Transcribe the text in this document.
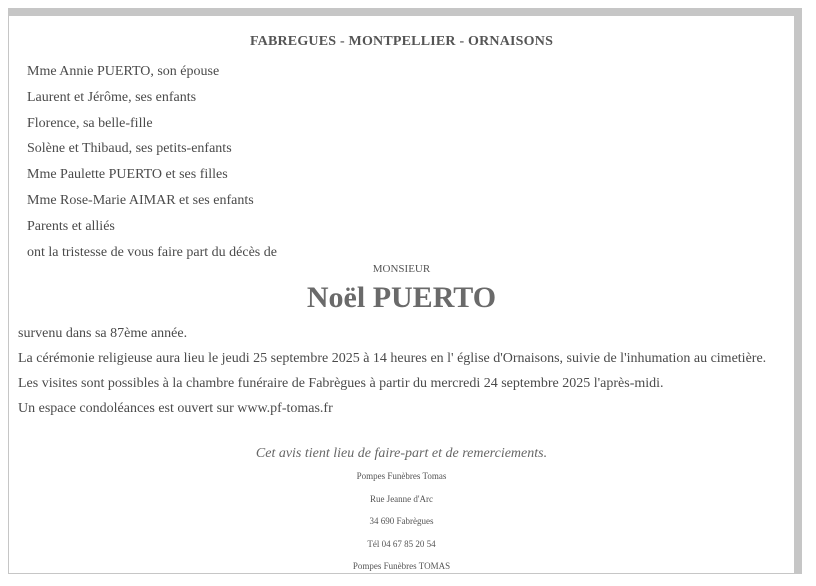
FABREGUES - MONTPELLIER - ORNAISONS

Mme Annie PUERTO, son épouse

Laurent et Jérôme, ses enfants

Florence, sa belle-fille

Solène et Thibaud, ses petits-enfants

Mme Paulette PUERTO et ses filles

Mme Rose-Marie AIMAR et ses enfants

Parents et alliés

ont la tristesse de vous faire part du décès de

MONSIEUR
Noël PUERTO

survenu dans sa 87ème année.

La cérémonie religieuse aura lieu le jeudi 25 septembre 2025 à 14 heures en l' église d'Ornaisons, suivie de l'inhumation au cimetière.

Les visites sont possibles à la chambre funéraire de Fabrègues à partir du mercredi 24 septembre 2025 l'après-midi.

Un espace condoléances est ouvert sur www.pf-tomas.fr

Cet avis tient lieu de faire-part et de remerciements.
Pompes Funèbres Tomas
Rue Jeanne d'Arc
34 690 Fabrègues
Tél 04 67 85 20 54
Pompes Funèbres TOMAS
